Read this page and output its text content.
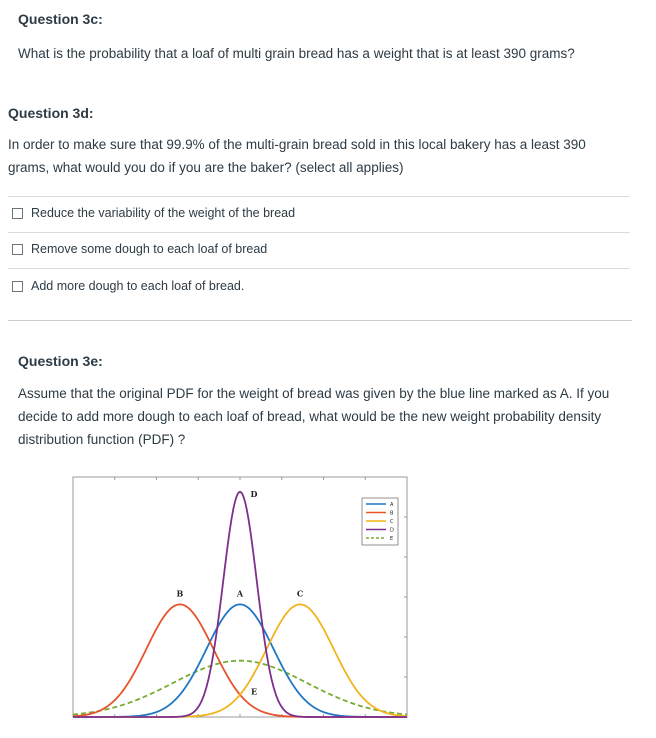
Question 3c:
What is the probability that a loaf of multi grain bread has a weight that is at least 390 grams?
Question 3d:
In order to make sure that 99.9% of the multi-grain bread sold in this local bakery has a least 390 grams, what would you do if you are the baker? (select all applies)
Reduce the variability of the weight of the bread
Remove some dough to each loaf of bread
Add more dough to each loaf of bread.
Question 3e:
Assume that the original PDF for the weight of bread was given by the blue line marked as A. If you decide to add more dough to each loaf of bread, what would be the new weight probability density distribution function (PDF) ?
A
B	C
D
E
A
B
C
D
E
